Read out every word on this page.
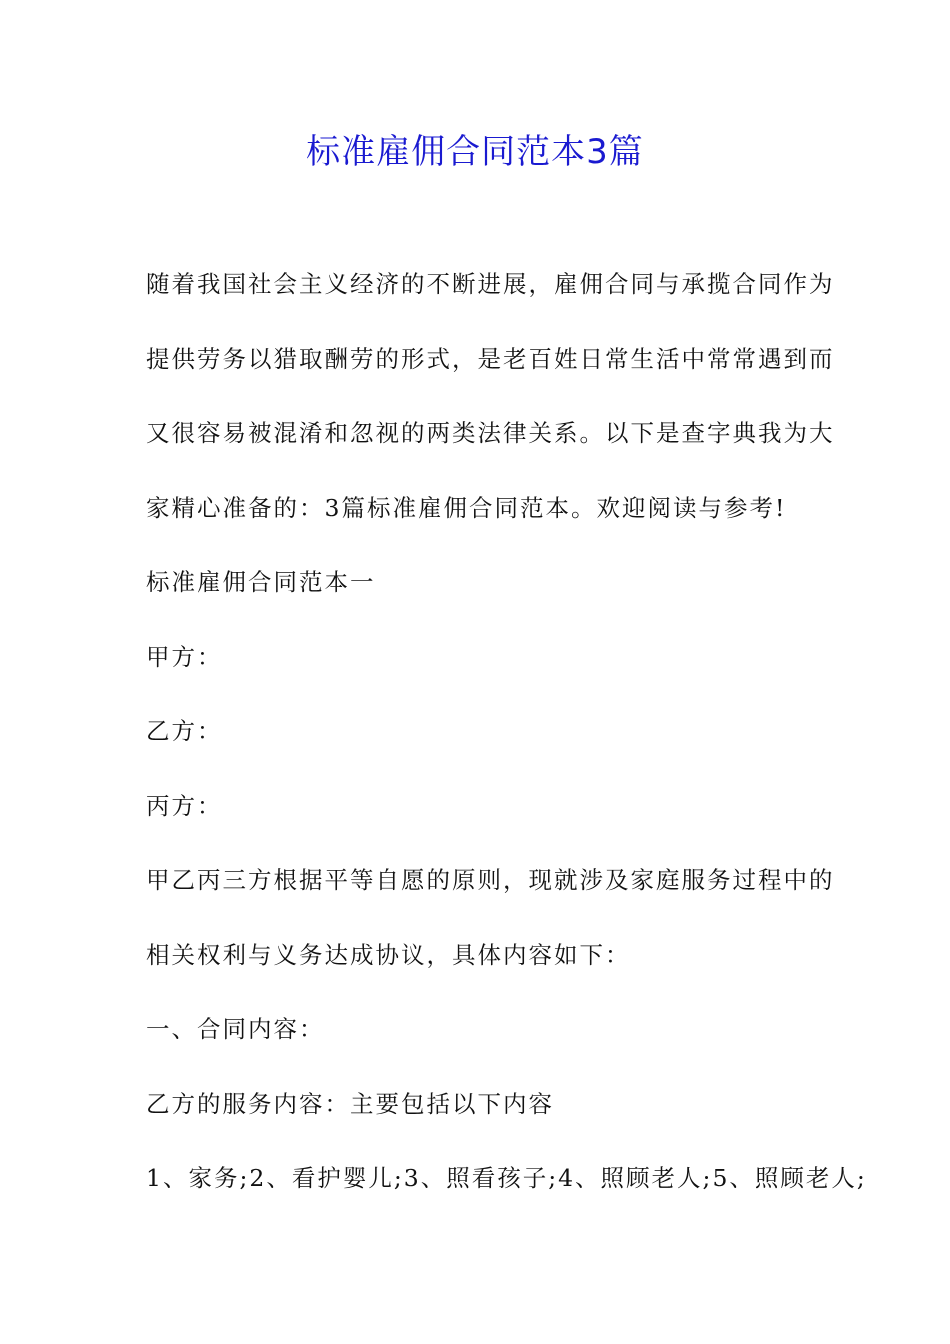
标准雇佣合同范本3篇
随着我国社会主义经济的不断进展，雇佣合同与承揽合同作为
提供劳务以猎取酬劳的形式，是老百姓日常生活中常常遇到而
又很容易被混淆和忽视的两类法律关系。以下是查字典我为大
家精心准备的：3篇标准雇佣合同范本。欢迎阅读与参考!
标准雇佣合同范本一
甲方：
乙方：
丙方：
甲乙丙三方根据平等自愿的原则，现就涉及家庭服务过程中的
相关权利与义务达成协议，具体内容如下：
一、合同内容：
乙方的服务内容：主要包括以下内容
1、家务;2、看护婴儿;3、照看孩子;4、照顾老人;5、照顾老人;
